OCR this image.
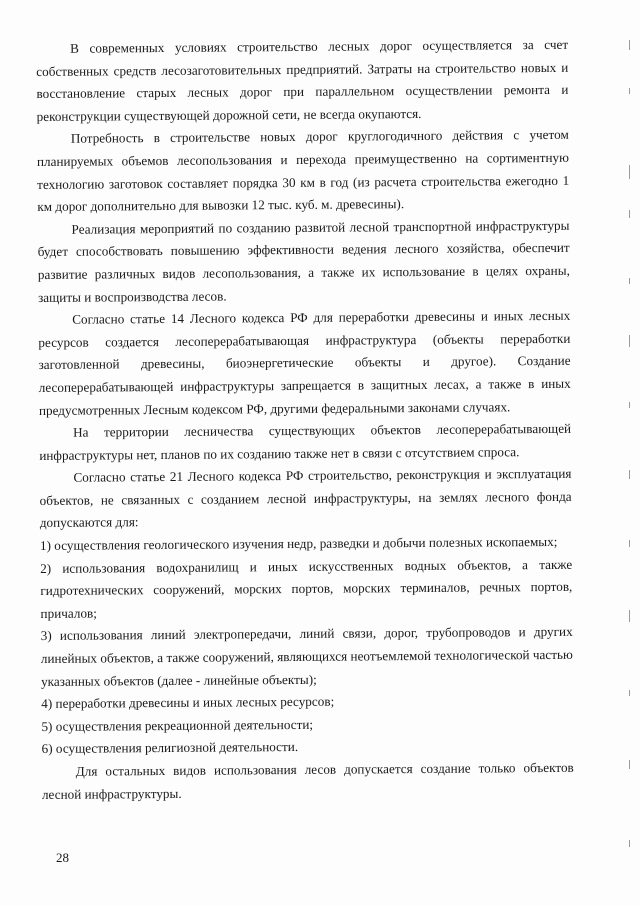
В современных условиях строительство лесных дорог осуществляется за счет собственных средств лесозаготовительных предприятий. Затраты на строительство новых и восстановление старых лесных дорог при параллельном осуществлении ремонта и реконструкции существующей дорожной сети, не всегда окупаются.

Потребность в строительстве новых дорог круглогодичного действия с учетом планируемых объемов лесопользования и перехода преимущественно на сортиментную технологию заготовок составляет порядка 30 км в год (из расчета строительства ежегодно 1 км дорог дополнительно для вывозки 12 тыс. куб. м. древесины).

Реализация мероприятий по созданию развитой лесной транспортной инфраструктуры будет способствовать повышению эффективности ведения лесного хозяйства, обеспечит развитие различных видов лесопользования, а также их использование в целях охраны, защиты и воспроизводства лесов.

Согласно статье 14 Лесного кодекса РФ для переработки древесины и иных лесных ресурсов создается лесоперерабатывающая инфраструктура (объекты переработки заготовленной древесины, биоэнергетические объекты и другое). Создание лесоперерабатывающей инфраструктуры запрещается в защитных лесах, а также в иных предусмотренных Лесным кодексом РФ, другими федеральными законами случаях.

На территории лесничества существующих объектов лесоперерабатывающей инфраструктуры нет, планов по их созданию также нет в связи с отсутствием спроса.

Согласно статье 21 Лесного кодекса РФ строительство, реконструкция и эксплуатация объектов, не связанных с созданием лесной инфраструктуры, на землях лесного фонда допускаются для:

1) осуществления геологического изучения недр, разведки и добычи полезных ископаемых;

2) использования водохранилищ и иных искусственных водных объектов, а также гидротехнических сооружений, морских портов, морских терминалов, речных портов, причалов;

3) использования линий электропередачи, линий связи, дорог, трубопроводов и других линейных объектов, а также сооружений, являющихся неотъемлемой технологической частью указанных объектов (далее - линейные объекты);

4) переработки древесины и иных лесных ресурсов;

5) осуществления рекреационной деятельности;

6) осуществления религиозной деятельности.

Для остальных видов использования лесов допускается создание только объектов лесной инфраструктуры.

28
